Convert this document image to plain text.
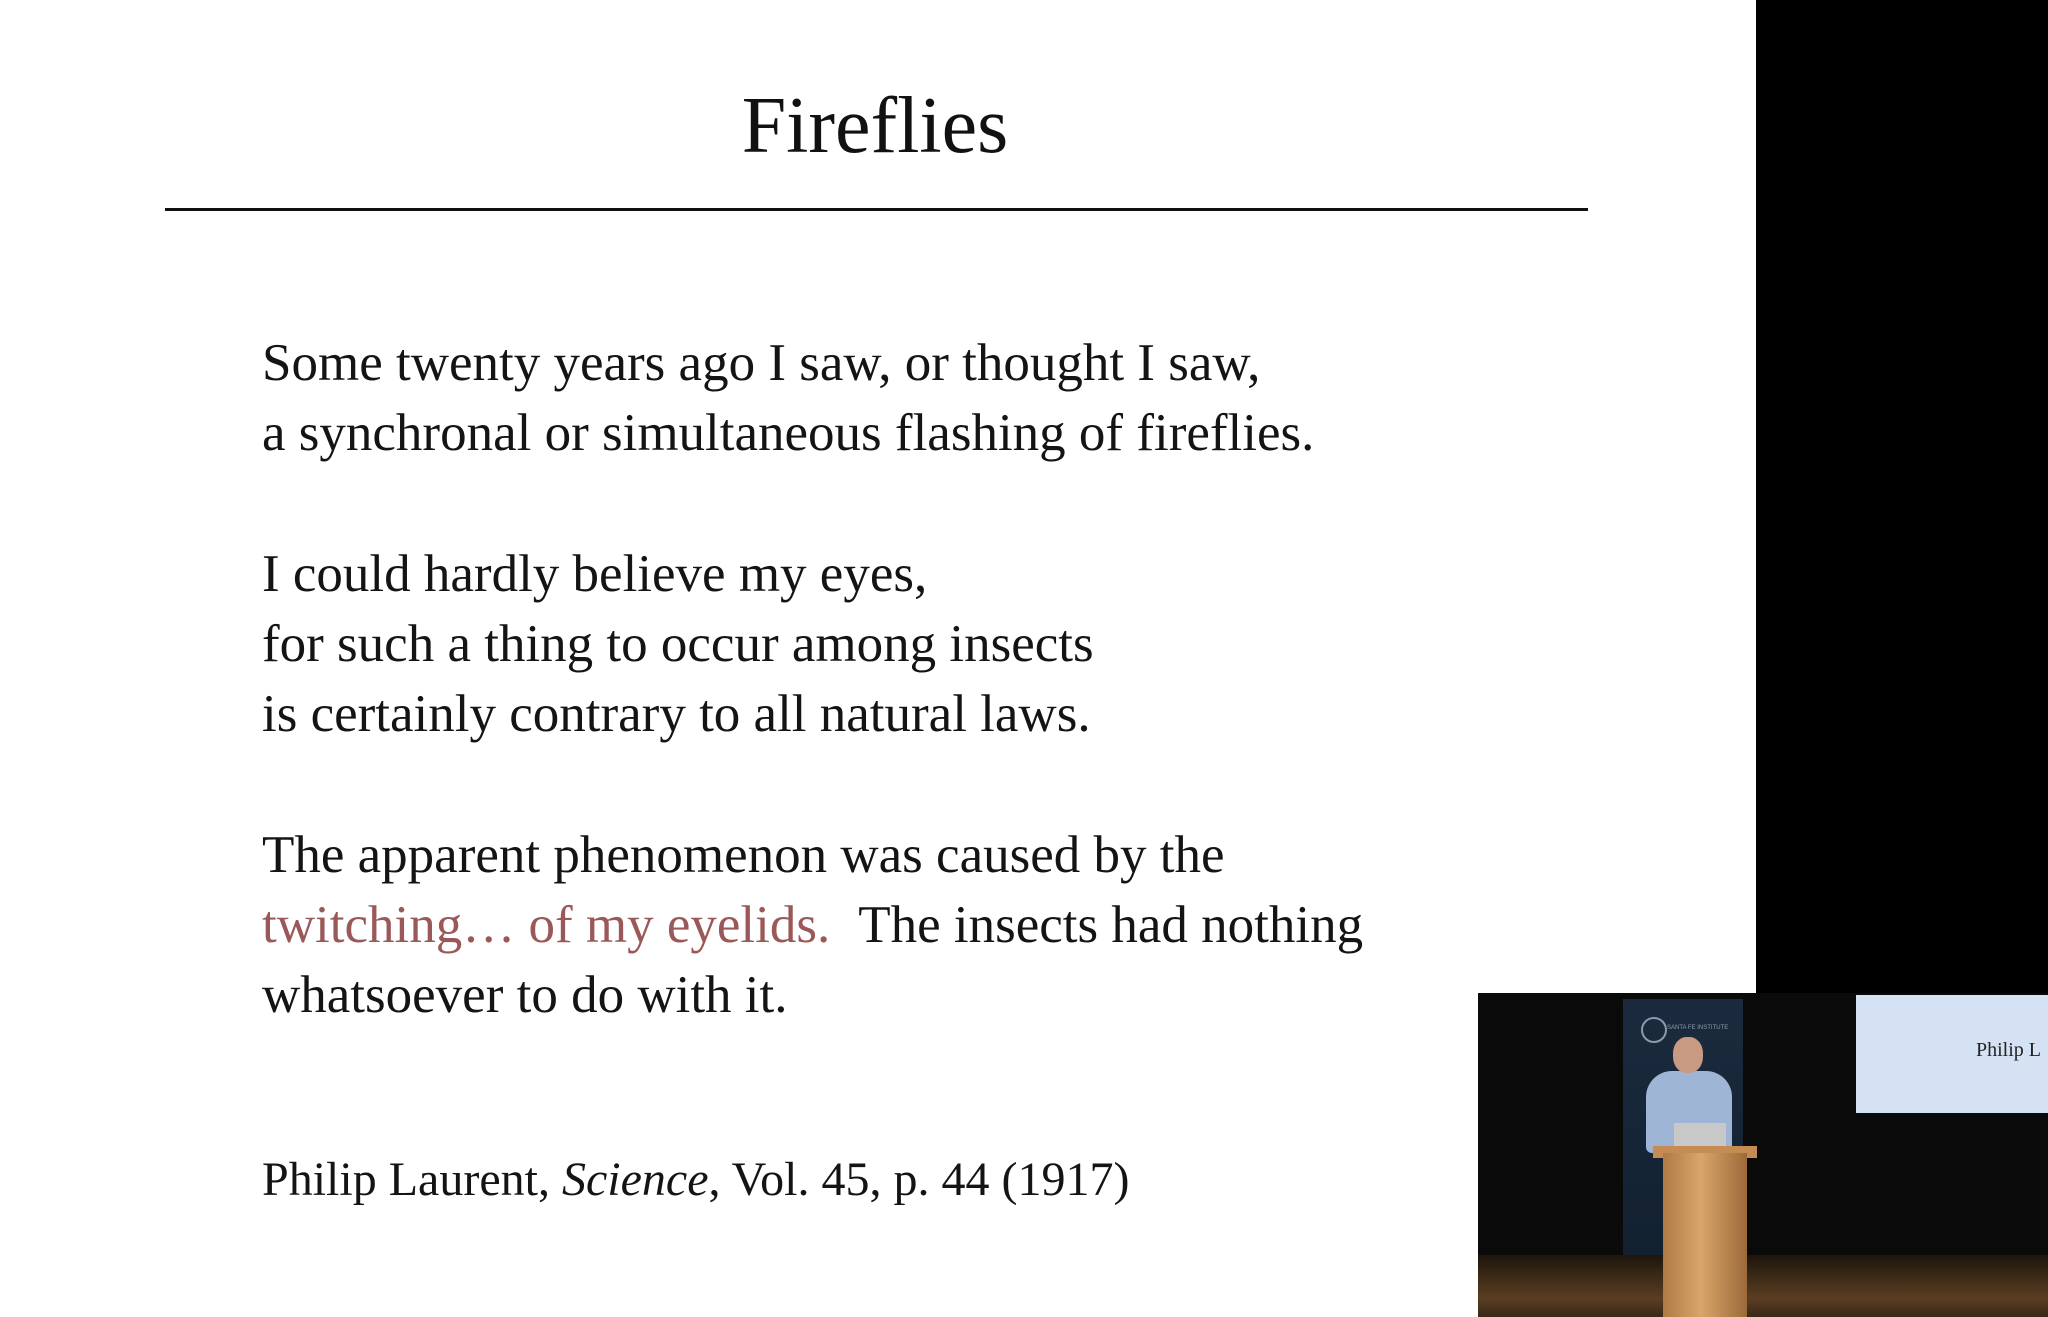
Fireflies
Some twenty years ago I saw, or thought I saw,
a synchronal or simultaneous flashing of fireflies.
I could hardly believe my eyes,
for such a thing to occur among insects
is certainly contrary to all natural laws.
The apparent phenomenon was caused by the
twitching… of my eyelids. The insects had nothing
whatsoever to do with it.
Philip Laurent, Science, Vol. 45, p. 44 (1917)
SANTA FE INSTITUTE
Philip L
